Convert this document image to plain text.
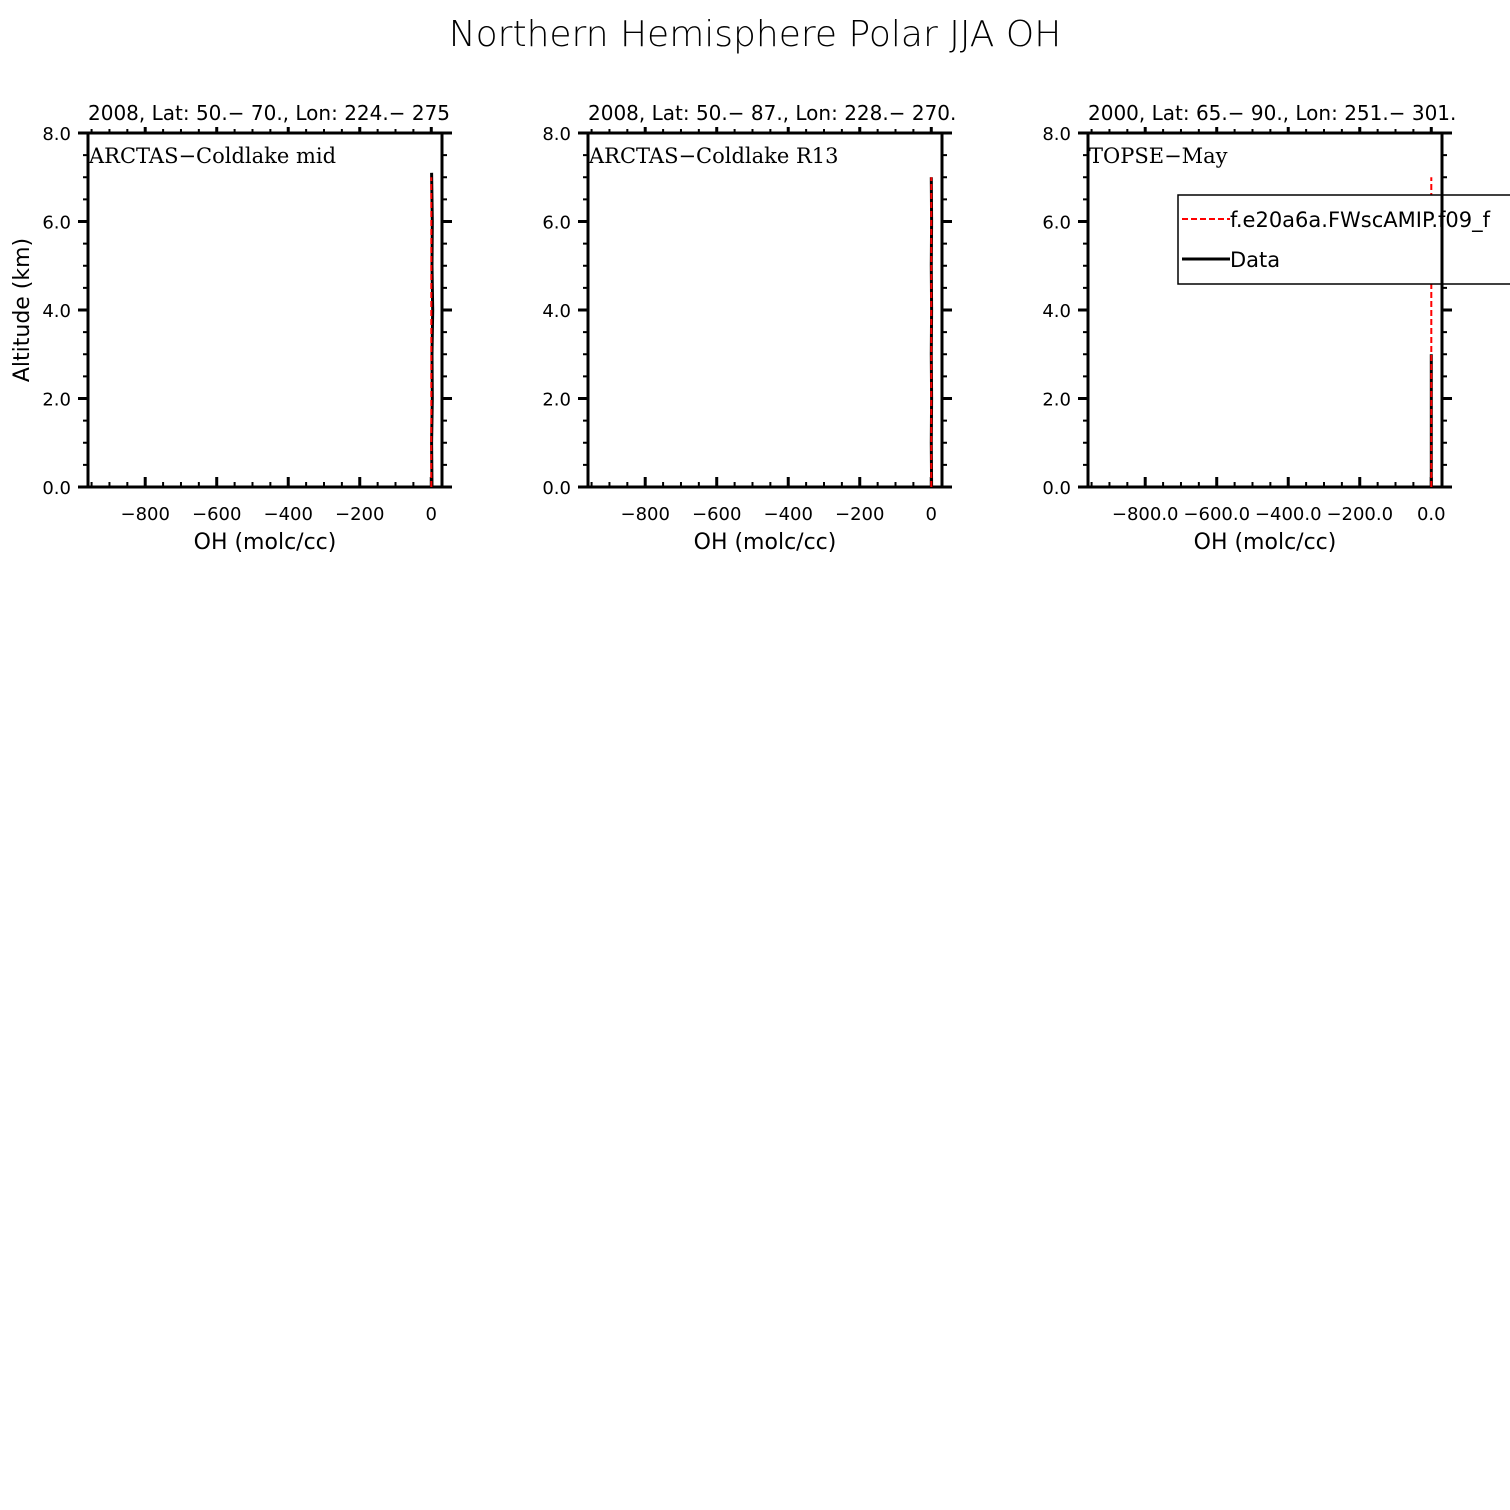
Northern Hemisphere Polar JJA OH
2008, Lat: 50.− 70., Lon: 224.− 275
0.0
2.0
4.0
6.0
8.0
−800 −600 −400 −200 0
OH (molc/cc)
Altitude (km)
ARCTAS−Coldlake mid
2008, Lat: 50.− 87., Lon: 228.− 270.
0.0
2.0
4.0
6.0
8.0
−800 −600 −400 −200 0
OH (molc/cc)
ARCTAS−Coldlake R13
2000, Lat: 65.− 90., Lon: 251.− 301.
0.0
2.0
4.0
6.0
8.0
−800.0 −600.0 −400.0 −200.0 0.0
OH (molc/cc)
TOPSE−May
f.e20a6a.FWscAMIP.f09_f
Data
